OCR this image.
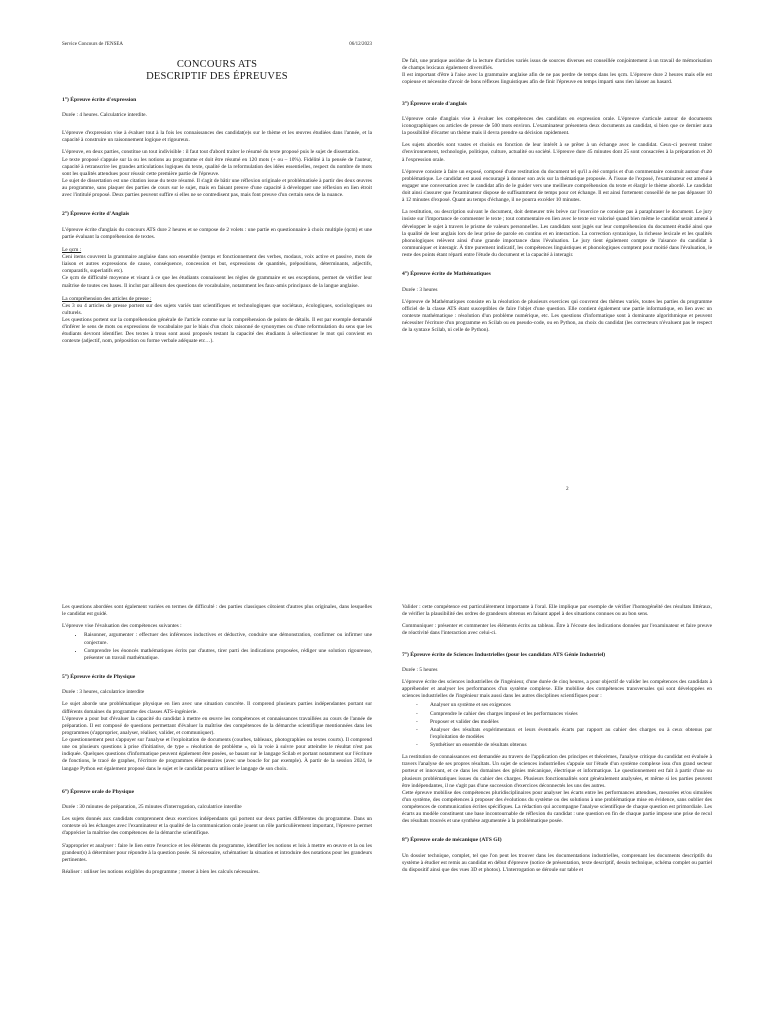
Service Concours de l'ENSEA	06/12/2023
CONCOURS ATS
DESCRIPTIF DES ÉPREUVES
1°) Épreuve écrite d'expression

Durée : 4 heures. Calculatrice interdite.

L'épreuve d'expression vise à évaluer tout à la fois les connaissances des candidat(e)s sur le thème et les œuvres étudiées dans l'année, et la capacité à construire un raisonnement logique et rigoureux.

L'épreuve, en deux parties, constitue un tout indivisible : il faut tout d'abord traiter le résumé du texte proposé puis le sujet de dissertation.

Le texte proposé s'appuie sur la ou les notions au programme et doit être résumé en 120 mots (+ ou – 10%). Fidélité à la pensée de l'auteur, capacité à retranscrire les grandes articulations logiques du texte, qualité de la reformulation des idées essentielles, respect du nombre de mots sont les qualités attendues pour réussir cette première partie de l'épreuve.

Le sujet de dissertation est une citation issue du texte résumé. Il s'agit de bâtir une réflexion originale et problématisée à partir des deux œuvres au programme, sans plaquer des parties de cours sur le sujet, mais en faisant preuve d'une capacité à développer une réflexion en lien étroit avec l'intitulé proposé. Deux parties peuvent suffire si elles ne se contredisent pas, mais font preuve d'un certain sens de la nuance.

2°) Épreuve écrite d'Anglais

L'épreuve écrite d'anglais du concours ATS dure 2 heures et se compose de 2 volets : une partie en questionnaire à choix multiple (qcm) et une partie évaluant la compréhension de textes.

Le qcm :

Ceni items couvrent la grammaire anglaise dans son ensemble (temps et fonctionnement des verbes, modaux, voix active et passive, mots de liaison et autres expressions de cause, conséquence, concession et but, expressions de quantités, prépositions, déterminants, adjectifs, comparatifs, superlatifs etc).

Ce qcm de difficulté moyenne et visant à ce que les étudiants connaissent les règles de grammaire et ses exceptions, permet de vérifier leur maîtrise de toutes ces bases. Il inclut par ailleurs des questions de vocabulaire, notamment les faux-amis principaux de la langue anglaise.

La compréhension des articles de presse :

Ces 3 ou 4 articles de presse portent sur des sujets variés tant scientifiques et technologiques que sociétaux, écologiques, sociologiques ou culturels.

Les questions portent sur la compréhension générale de l'article comme sur la compréhension de points de détails. Il est par exemple demandé d'inférer le sens de mots ou expressions de vocabulaire par le biais d'un choix raisonné de synonymes ou d'une reformulation du sens que les étudiants devront identifier. Des textes à trous sont aussi proposés testant la capacité des étudiants à sélectionner le mot qui convient en contexte (adjectif, nom, préposition ou forme verbale adéquate etc…).

De fait, une pratique assidue de la lecture d'articles variés issus de sources diverses est conseillée conjointement à un travail de mémorisation de champs lexicaux également diversifiés.

Il est important d'être à l'aise avec la grammaire anglaise afin de ne pas perdre de temps dans les qcm. L'épreuve dure 2 heures mais elle est copieuse et nécessite d'avoir de bons réflexes linguistiques afin de finir l'épreuve en temps imparti sans rien laisser au hasard.

3°) Épreuve orale d'anglais

L'épreuve orale d'anglais vise à évaluer les compétences des candidats en expression orale. L'épreuve s'articule autour de documents iconographiques ou articles de presse de 500 mots environ. L'examinateur présentera deux documents au candidat, si bien que ce dernier aura la possibilité d'écarter un thème mais il devra prendre sa décision rapidement.

Les sujets abordés sont vastes et choisis en fonction de leur intérêt à se prêter à un échange avec le candidat. Ceux-ci peuvent traiter d'environnement, technologie, politique, culture, actualité ou société. L'épreuve dure 45 minutes dont 25 sont consacrées à la préparation et 20 à l'expression orale.

L'épreuve consiste à faire un exposé, composé d'une restitution du document tel qu'il a été compris et d'un commentaire construit autour d'une problématique. Le candidat est aussi encouragé à donner son avis sur la thématique proposée. À l'issue de l'exposé, l'examinateur est amené à engager une conversation avec le candidat afin de le guider vers une meilleure compréhension du texte et élargir le thème abordé. Le candidat doit ainsi s'assurer que l'examinateur dispose de suffisamment de temps pour cet échange. Il est ainsi fortement conseillé de ne pas dépasser 10 à 12 minutes d'exposé. Quant au temps d'échange, il ne pourra excéder 10 minutes.

La restitution, ou description suivant le document, doit demeurer très brève car l'exercice ne consiste pas à paraphraser le document. Le jury insiste sur l'importance de commenter le texte ; tout commentaire en lien avec le texte est valorisé quand bien même le candidat serait amené à développer le sujet à travers le prisme de valeurs personnelles. Les candidats sont jugés sur leur compréhension du document étudié ainsi que la qualité de leur anglais lors de leur prise de parole en continu et en interaction. La correction syntaxique, la richesse lexicale et les qualités phonologiques relèvent ainsi d'une grande importance dans l'évaluation. Le jury tient également compte de l'aisance du candidat à communiquer et interagir. À titre purement indicatif, les compétences linguistiques et phonologiques comptent pour moitié dans l'évaluation, le reste des points étant réparti entre l'étude du document et la capacité à interagir.

4°) Épreuve écrite de Mathématiques

Durée : 3 heures

L'épreuve de Mathématiques consiste en la résolution de plusieurs exercices qui couvrent des thèmes variés, toutes les parties du programme officiel de la classe ATS étant susceptibles de faire l'objet d'une question. Elle contient également une partie informatique, en lien avec un contexte mathématique : résolution d'un problème numérique, etc. Les questions d'informatique sont à dominante algorithmique et peuvent nécessiter l'écriture d'un programme en Scilab ou en pseudo-code, ou en Python, au choix du candidat (les correcteurs n'évaluent pas le respect de la syntaxe Scilab, ni celle de Python).

2

Les questions abordées sont également variées en termes de difficulté : des parties classiques côtoient d'autres plus originales, dans lesquelles le candidat est guidé.

L'épreuve vise l'évaluation des compétences suivantes :

• Raisonner, argumenter : effectuer des inférences inductives et déductive, conduire une démonstration, confirmer ou infirmer une conjecture.
• Comprendre les énoncés mathématiques écrits par d'autres, tirer parti des indications proposées, rédiger une solution rigoureuse, présenter un travail mathématique.
5°) Épreuve écrite de Physique

Durée : 3 heures, calculatrice interdite

Le sujet aborde une problématique physique en lien avec une situation concrète. Il comprend plusieurs parties indépendantes portant sur différents domaines du programme des classes ATS-ingénierie.

L'épreuve a pour but d'évaluer la capacité du candidat à mettre en œuvre les compétences et connaissances travaillées au cours de l'année de préparation. Il est composé de questions permettant d'évaluer la maîtrise des compétences de la démarche scientifique mentionnées dans les programmes (s'approprier, analyser, réaliser, valider, et communiquer).

Le questionnement peut s'appuyer sur l'analyse et l'exploitation de documents (courbes, tableaux, photographies ou textes courts). Il comprend une ou plusieurs questions à prise d'initiative, de type « résolution de problème », où la voie à suivre pour atteindre le résultat n'est pas indiquée. Quelques questions d'informatique peuvent également être posées, se basant sur le langage Scilab et portant notamment sur l'écriture de fonctions, le tracé de graphes, l'écriture de programmes élémentaires (avec une boucle for par exemple). À partir de la session 2024, le langage Python est également proposé dans le sujet et le candidat pourra utiliser le langage de son choix.

6°) Épreuve orale de Physique

Durée : 30 minutes de préparation, 25 minutes d'interrogation, calculatrice interdite

Les sujets donnés aux candidats comprennent deux exercices indépendants qui portent sur deux parties différentes du programme. Dans un contexte où les échanges avec l'examinateur et la qualité de la communication orale jouent un rôle particulièrement important, l'épreuve permet d'apprécier la maîtrise des compétences de la démarche scientifique.

S'approprier et analyser : faire le lien entre l'exercice et les éléments du programme, identifier les notions et lois à mettre en œuvre et la ou les grandeur(s) à déterminer pour répondre à la question posée. Si nécessaire, schématiser la situation et introduire des notations pour les grandeurs pertinentes.

Réaliser : utiliser les notions exigibles du programme ; mener à bien les calculs nécessaires.

Valider : cette compétence est particulièrement importante à l'oral. Elle implique par exemple de vérifier l'homogénéité des résultats littéraux, de vérifier la plausibilité des ordres de grandeurs obtenus en faisant appel à des situations connues ou au bon sens.

Communiquer : présenter et commenter les éléments écrits au tableau. Être à l'écoute des indications données par l'examinateur et faire preuve de réactivité dans l'interaction avec celui-ci.

7°) Épreuve écrite de Sciences Industrielles (pour les candidats ATS Génie Industriel)

Durée : 5 heures

L'épreuve écrite des sciences industrielles de l'ingénieur, d'une durée de cinq heures, a pour objectif de valider les compétences des candidats à appréhender et analyser les performances d'un système complexe. Elle mobilise des compétences transversales qui sont développées en sciences industrielles de l'ingénieur mais aussi dans les autres disciplines scientifiques pour :

- Analyser un système et ses exigences
- Comprendre le cahier des charges imposé et les performances visées
- Proposer et valider des modèles
- Analyser des résultats expérimentaux et leurs éventuels écarts par rapport au cahier des charges ou à ceux obtenus par l'exploitation de modèles
- Synthétiser un ensemble de résultats obtenus

La restitution de connaissances est demandée au travers de l'application des principes et théorèmes, l'analyse critique du candidat est évaluée à travers l'analyse de ses propres résultats. Un sujet de sciences industrielles s'appuie sur l'étude d'un système complexe issu d'un grand secteur porteur et innovant, et ce dans les domaines des génies mécanique, électrique et informatique. Le questionnement est fait à partir d'une ou plusieurs problématiques issues du cahier des charges. Plusieurs fonctionnalités sont généralement analysées, et même si les parties peuvent être indépendantes, il ne s'agit pas d'une succession d'exercices déconnectés les uns des autres.

Cette épreuve mobilise des compétences pluridisciplinaires pour analyser les écarts entre les performances attendues, mesurées et/ou simulées d'un système, des compétences à proposer des évolutions du système ou des solutions à une problématique mise en évidence, sans oublier des compétences de communication écrites spécifiques. La rédaction qui accompagne l'analyse scientifique de chaque question est primordiale. Les écarts au modèle constituent une base incontournable de réflexion du candidat : une question en fin de chaque partie impose une prise de recul des résultats trouvés et une synthèse argumentée à la problématique posée.

8°) Épreuve orale de mécanique (ATS GI)

Un dossier technique, complet, tel que l'on peut les trouver dans les documentations industrielles, comprenant les documents descriptifs du système à étudier est remis au candidat en début d'épreuve (notice de présentation, texte descriptif, dessin technique, schéma complet ou partiel du dispositif ainsi que des vues 3D et photos). L'interrogation se déroule sur table et
